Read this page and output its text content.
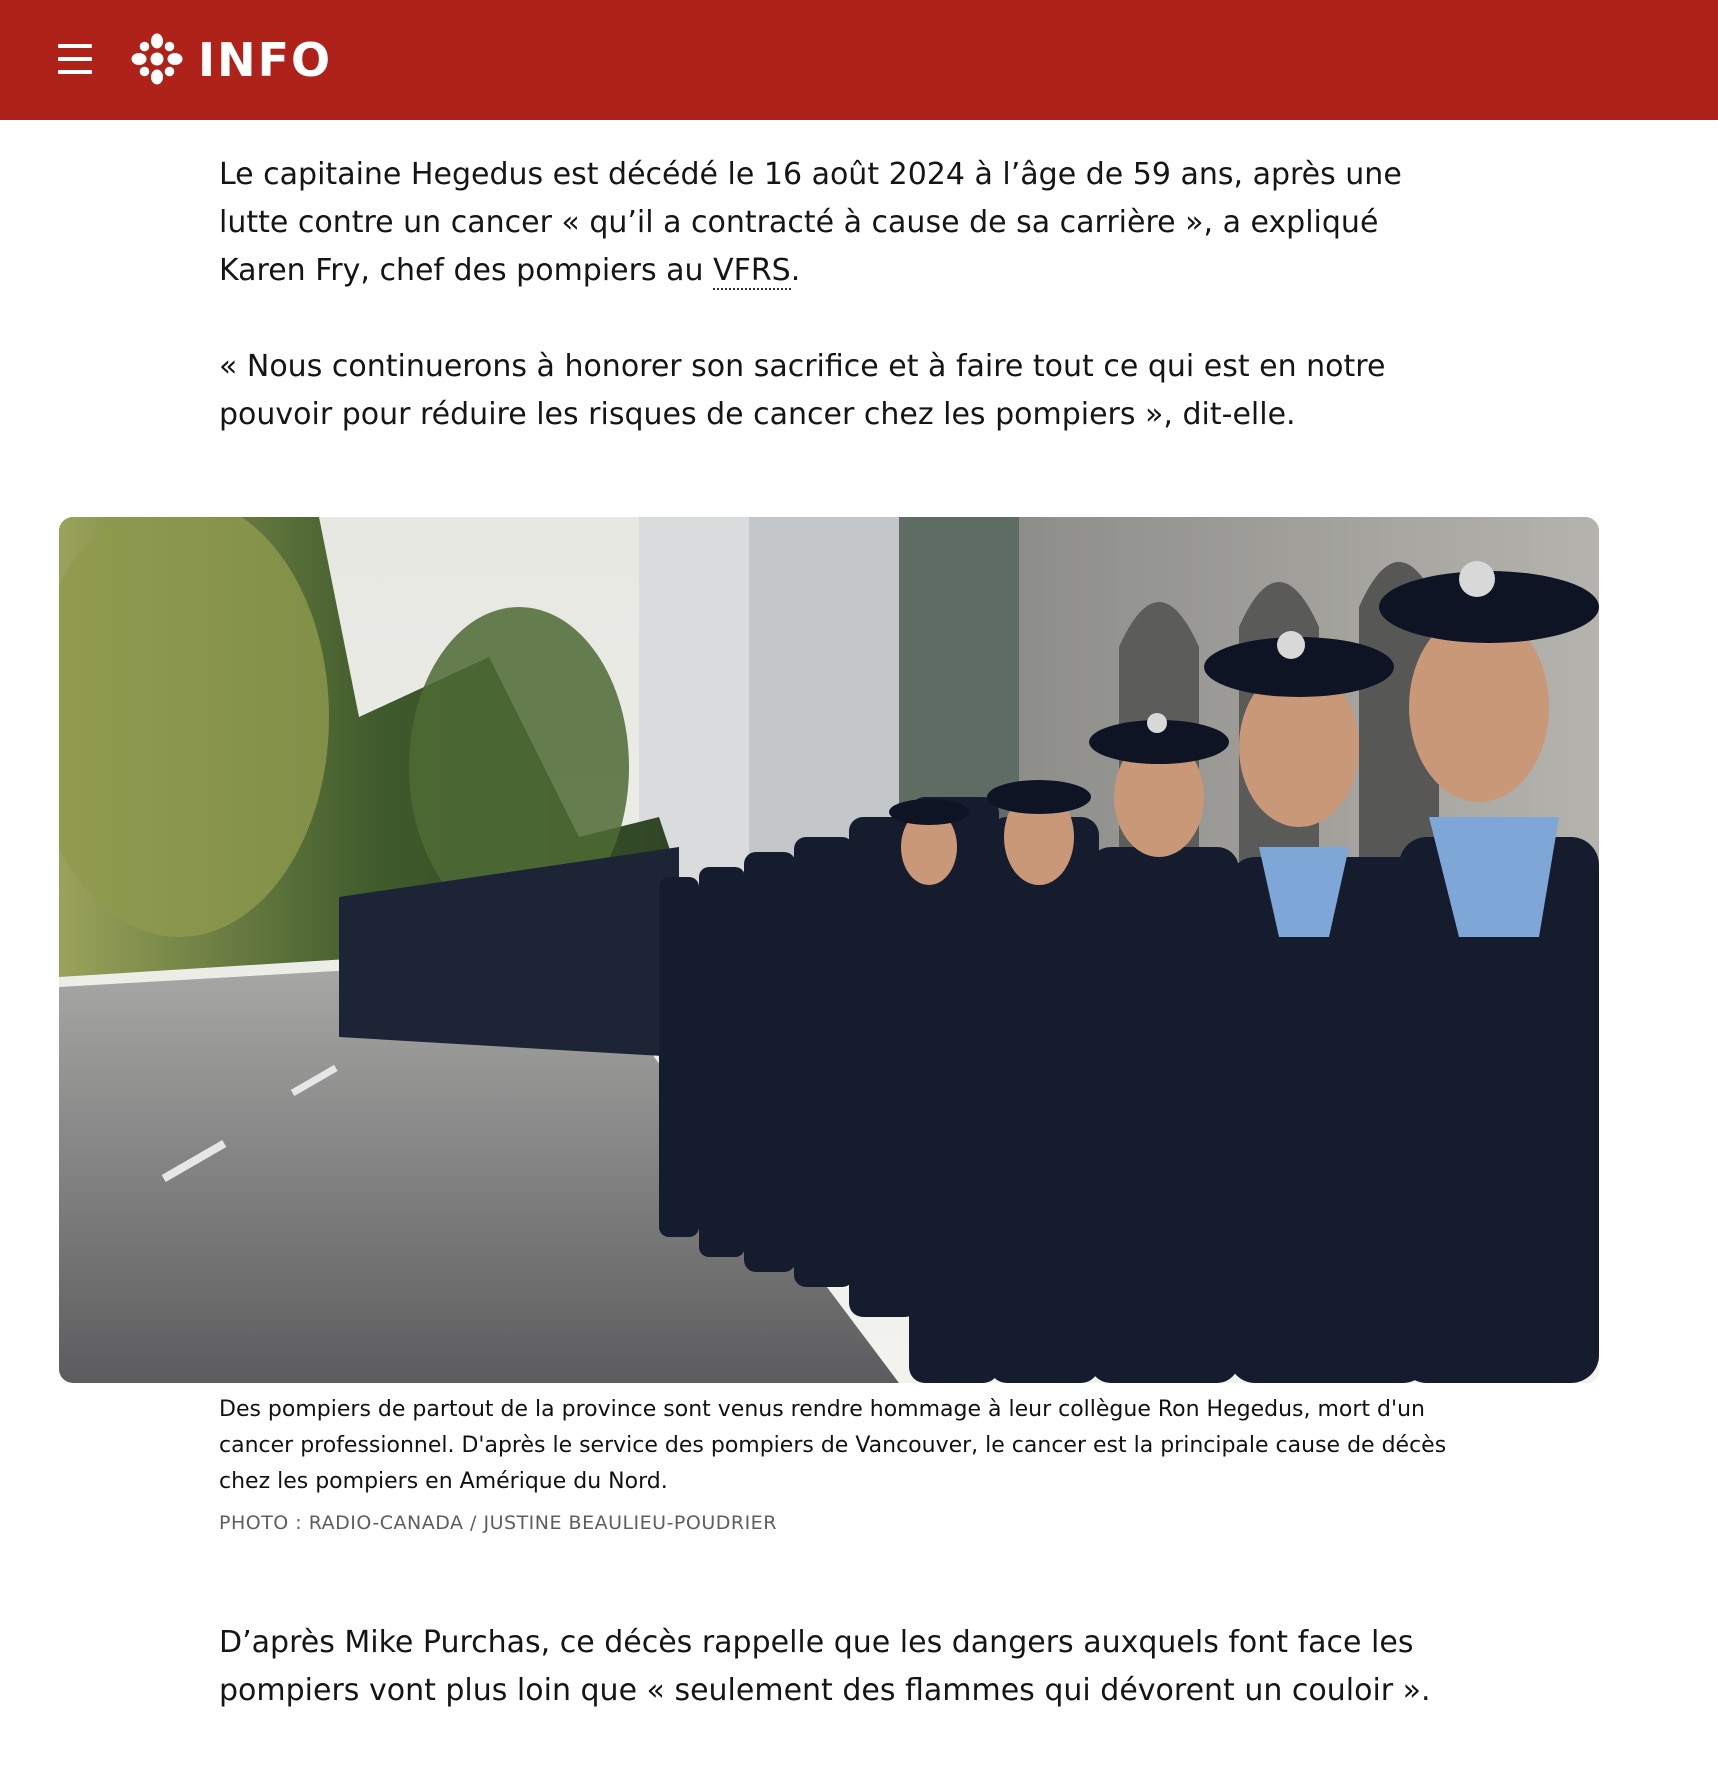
INFO

Le capitaine Hegedus est décédé le 16 août 2024 à l’âge de 59 ans, après une lutte contre un cancer « qu’il a contracté à cause de sa carrière », a expliqué Karen Fry, chef des pompiers au VFRS.

« Nous continuerons à honorer son sacrifice et à faire tout ce qui est en notre pouvoir pour réduire les risques de cancer chez les pompiers », dit-elle.

Des pompiers de partout de la province sont venus rendre hommage à leur collègue Ron Hegedus, mort d'un cancer professionnel. D'après le service des pompiers de Vancouver, le cancer est la principale cause de décès chez les pompiers en Amérique du Nord.

PHOTO : RADIO-CANADA / JUSTINE BEAULIEU-POUDRIER

D’après Mike Purchas, ce décès rappelle que les dangers auxquels font face les pompiers vont plus loin que « seulement des flammes qui dévorent un couloir ».
